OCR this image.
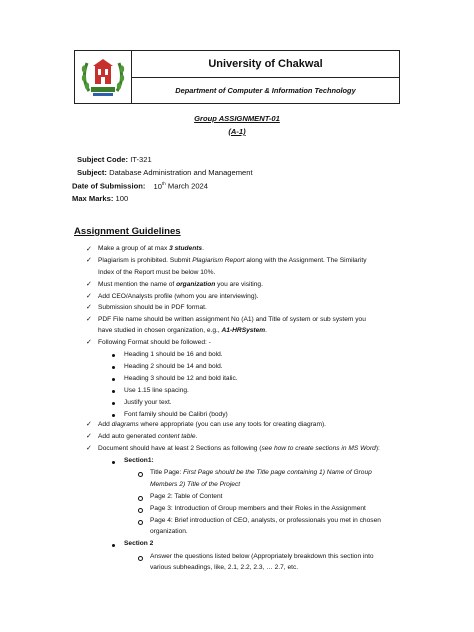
University of Chakwal
Department of Computer & Information Technology
Group ASSIGNMENT-01
(A-1)
Subject Code: IT-321
Subject: Database Administration and Management
Date of Submission: 10th March 2024
Max Marks: 100
Assignment Guidelines
✓
✓
✓
✓
✓
✓
✓
✓
✓
✓
Make a group of at max 3 students.
Plagiarism is prohibited. Submit Plagiarism Report along with the Assignment. The Similarity
Index of the Report must be below 10%.
Must mention the name of organization you are visiting.
Add CEO/Analysts profile (whom you are interviewing).
Submission should be in PDF format.
PDF File name should be written assignment No (A1) and Title of system or sub system you
have studied in chosen organization, e.g., A1-HRSystem.
Following Format should be followed: -
Heading 1 should be 16 and bold.
Heading 2 should be 14 and bold.
Heading 3 should be 12 and bold italic.
Use 1.15 line spacing.
Justify your text.
Font family should be Calibri (body)
Add diagrams where appropriate (you can use any tools for creating diagram).
Add auto generated content table.
Document should have at least 2 Sections as following (see how to create sections in MS Word):
Section1:
Title Page: First Page should be the Title page containing 1) Name of Group
Members 2) Title of the Project
Page 2: Table of Content
Page 3: Introduction of Group members and their Roles in the Assignment
Page 4: Brief introduction of CEO, analysts, or professionals you met in chosen
organization.
Section 2
Answer the questions listed below (Appropriately breakdown this section into
various subheadings, like, 2.1, 2.2, 2.3, … 2.7, etc.
